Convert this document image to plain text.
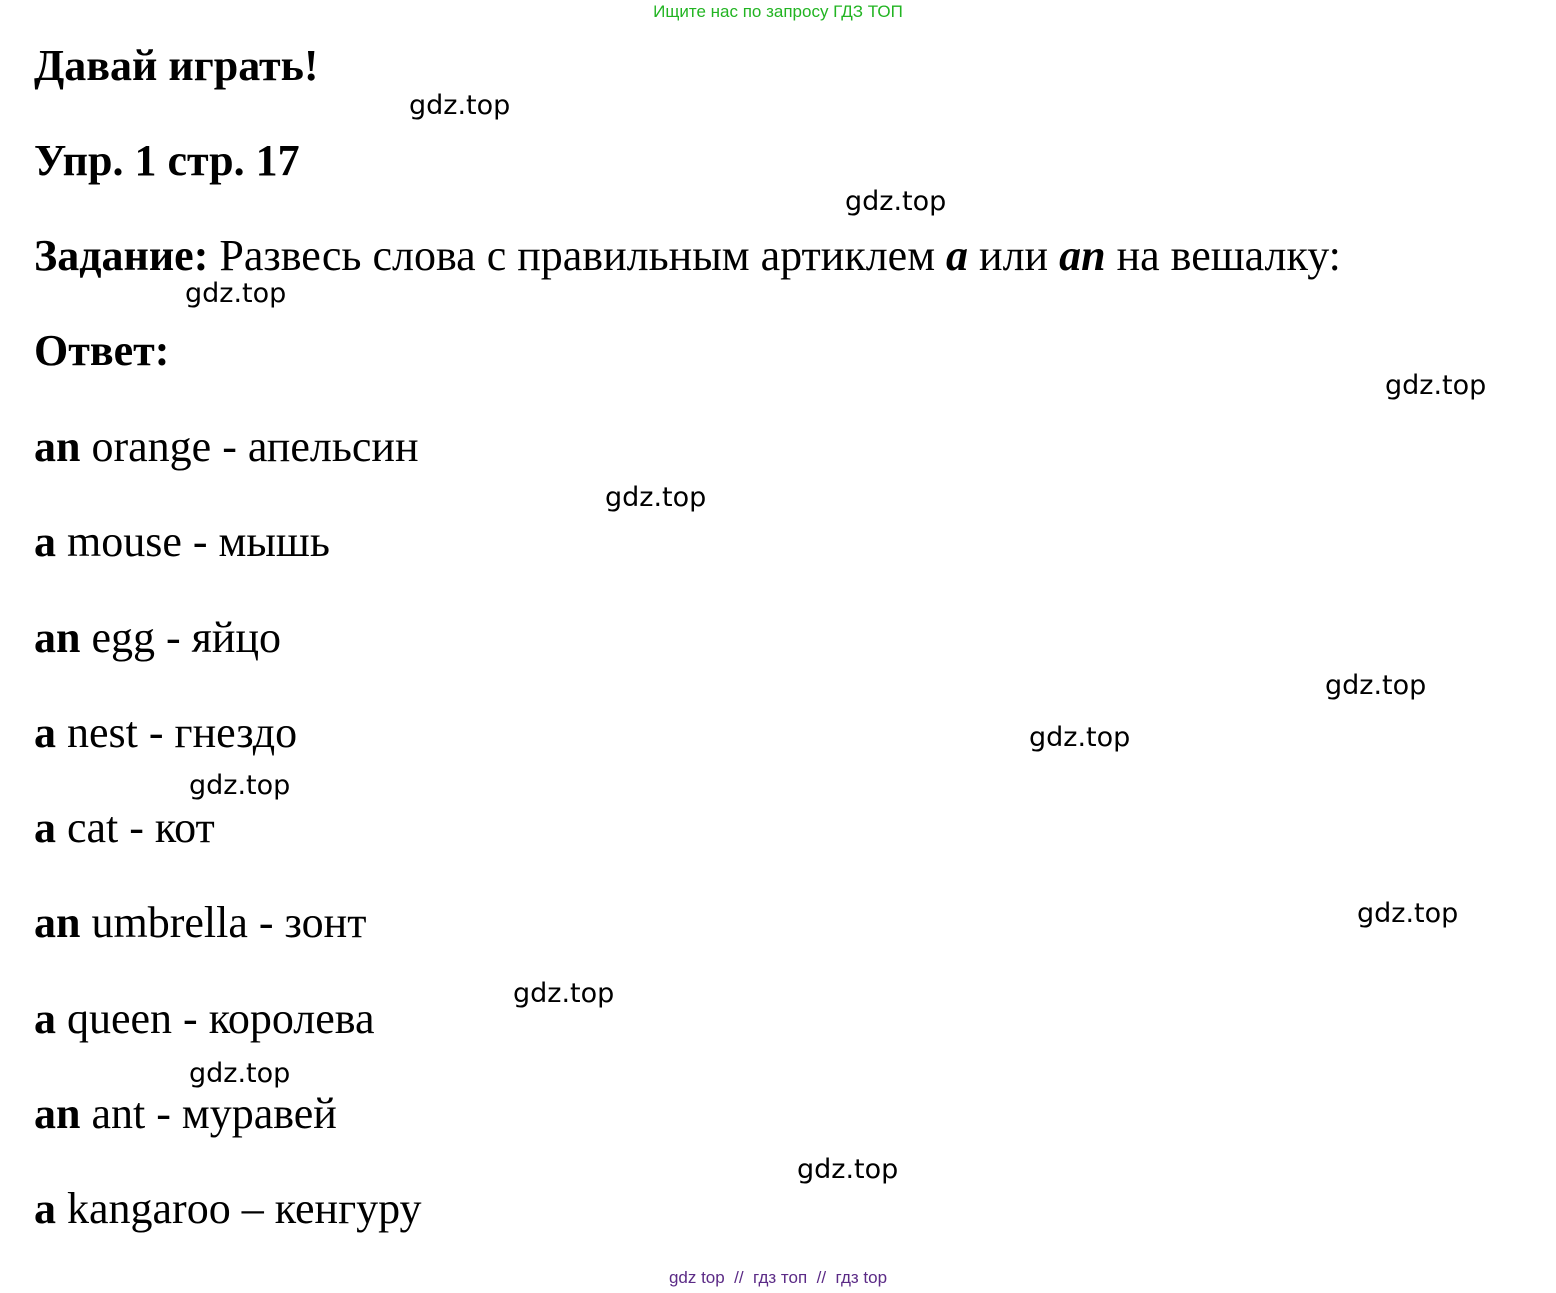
Ищите нас по запросу ГДЗ ТОП
Давай играть!
Упр. 1 стр. 17
Задание: Развесь слова с правильным артиклем a или an на вешалку:
Ответ:
an orange - апельсин
a mouse - мышь
an egg - яйцо
a nest - гнездо
a cat - кот
an umbrella - зонт
a queen - королева
an ant - муравей
a kangaroo – кенгуру
gdz.top
gdz.top
gdz.top
gdz.top
gdz.top
gdz.top
gdz.top
gdz.top
gdz.top
gdz.top
gdz.top
gdz.top
gdz top  //  гдз топ  //  гдз top
